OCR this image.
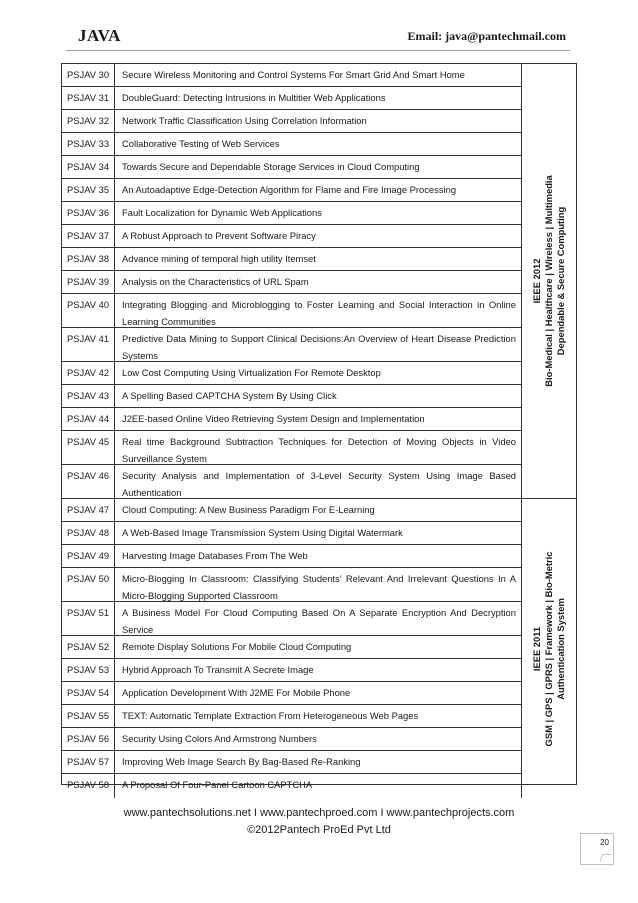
JAVA	Email: java@pantechmail.com
PSJAV 30	Secure Wireless Monitoring and Control Systems For Smart Grid And Smart Home
PSJAV 31	DoubleGuard: Detecting Intrusions in Multitier Web Applications
PSJAV 32	Network Traffic Classification Using Correlation Information
PSJAV 33	Collaborative Testing of Web Services
PSJAV 34	Towards Secure and Dependable Storage Services in Cloud Computing
PSJAV 35	An Autoadaptive Edge-Detection Algorithm for Flame and Fire Image Processing
PSJAV 36	Fault Localization for Dynamic Web Applications
PSJAV 37	A Robust Approach to Prevent Software Piracy
PSJAV 38	Advance mining of temporal high utility Itemset
PSJAV 39	Analysis on the Characteristics of URL Spam
PSJAV 40	Integrating Blogging and Microblogging to Foster Learning and Social Interaction in Online Learning Communities
PSJAV 41	Predictive Data Mining to Support Clinical Decisions:An Overview of Heart Disease Prediction Systems
PSJAV 42	Low Cost Computing Using Virtualization For Remote Desktop
PSJAV 43	A Spelling Based CAPTCHA System By Using Click
PSJAV 44	J2EE-based Online Video Retrieving System Design and Implementation
PSJAV 45	Real time Background Subtraction Techniques for Detection of Moving Objects in Video Surveillance System
PSJAV 46	Security Analysis and Implementation of 3-Level Security System Using Image Based Authentication
PSJAV 47	Cloud Computing: A New Business Paradigm For E-Learning
PSJAV 48	A Web-Based Image Transmission System Using Digital Watermark
PSJAV 49	Harvesting Image Databases From The Web
PSJAV 50	Micro-Blogging In Classroom: Classifying Students’ Relevant And Irrelevant Questions In A Micro-Blogging Supported Classroom
PSJAV 51	A Business Model For Cloud Computing Based On A Separate Encryption And Decryption Service
PSJAV 52	Remote Display Solutions For Mobile Cloud Computing
PSJAV 53	Hybrid Approach To Transmit A Secrete Image
PSJAV 54	Application Development With J2ME For Mobile Phone
PSJAV 55	TEXT: Automatic Template Extraction From Heterogeneous Web Pages
PSJAV 56	Security Using Colors And Armstrong Numbers
PSJAV 57	Improving Web Image Search By Bag-Based Re-Ranking
PSJAV 58	A Proposal Of Four-Panel Cartoon CAPTCHA
IEEE 2012 Bio-Medical | Healthcare | Wireless | Multimedia Dependable & Secure Computing
IEEE 2011 GSM | GPS | GPRS | Framework | Bio-Metric Authentication System
www.pantechsolutions.net I www.pantechproed.com I www.pantechprojects.com
©2012Pantech ProEd Pvt Ltd
20
